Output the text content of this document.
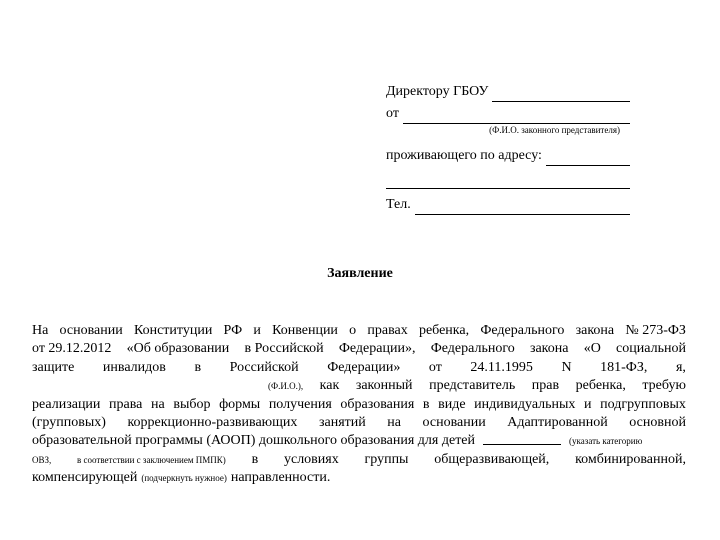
Директору ГБОУ
от
(Ф.И.О. законного представителя)
проживающего по адресу:
Тел.
Заявление
На основании Конституции РФ и Конвенции о правах ребенка, Федерального закона № 273-ФЗ
от 29.12.2012 «Об образовании в Российской Федерации», Федерального закона «О социальной
защите инвалидов в Российской Федерации» от 24.11.1995 N 181-ФЗ, я,
(Ф.И.О.), как законный представитель прав ребенка, требую
реализации права на выбор формы получения образования в виде индивидуальных и подгрупповых
(групповых) коррекционно-развивающих занятий на основании Адаптированной основной
образовательной программы (АООП) дошкольного образования для детей	(указать категорию
ОВЗ,	в соответствии с заключением ПМПК) в условиях группы общеразвивающей, комбинированной,
компенсирующей (подчеркнуть нужное) направленности.
